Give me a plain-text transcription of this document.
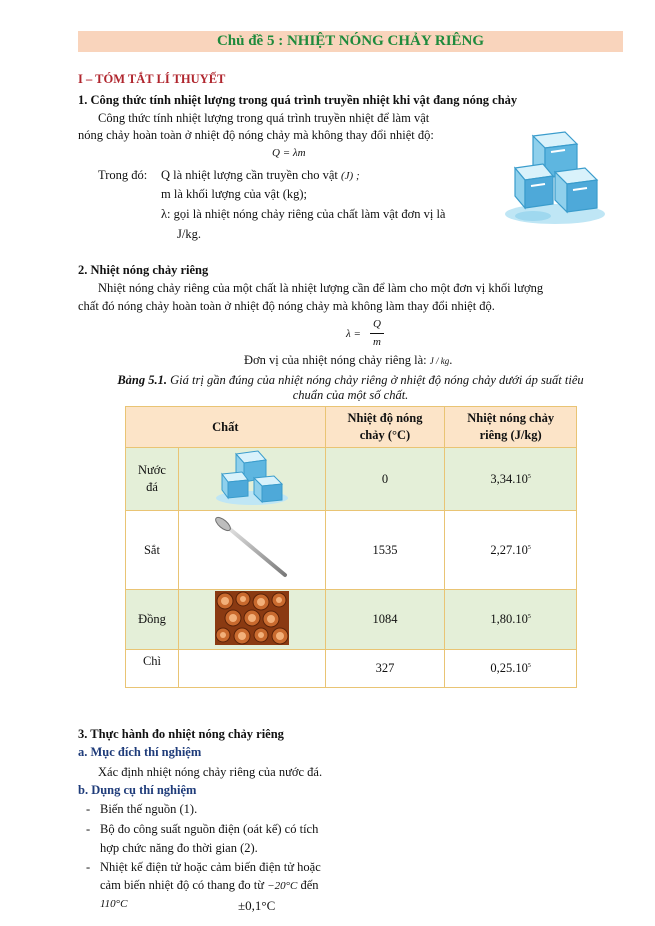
Chủ đề 5 : NHIỆT NÓNG CHẢY RIÊNG
I – TÓM TẮT LÍ THUYẾT
1. Công thức tính nhiệt lượng trong quá trình truyền nhiệt khi vật đang nóng chảy
Công thức tính nhiệt lượng trong quá trình truyền nhiệt để làm vật
nóng chảy hoàn toàn ở nhiệt độ nóng chảy mà không thay đổi nhiệt độ:
Q = λm
Trong đó: Q là nhiệt lượng cần truyền cho vật (J) ;
m là khối lượng của vật (kg);
λ: gọi là nhiệt nóng chảy riêng của chất làm vật đơn vị là
J/kg.
2. Nhiệt nóng chảy riêng
Nhiệt nóng chảy riêng của một chất là nhiệt lượng cần để làm cho một đơn vị khối lượng
chất đó nóng chảy hoàn toàn ở nhiệt độ nóng chảy mà không làm thay đổi nhiệt độ.
λ =
Q
m
Đơn vị của nhiệt nóng chảy riêng là: J / kg.
Bảng 5.1. Giá trị gần đúng của nhiệt nóng chảy riêng ở nhiệt độ nóng chảy dưới áp suất tiêu
chuẩn của một số chất.
Chất		Nhiệt độ nóng chảy (°C)	Nhiệt nóng chảy riêng (J/kg)
Nước đá		0	3,34.10$^5$
Sắt		1535	2,27.10$^5$
Đồng		1084	1,80.10$^5$
Chì		327	0,25.10$^5$
3. Thực hành đo nhiệt nóng chảy riêng
a. Mục đích thí nghiệm
Xác định nhiệt nóng chảy riêng của nước đá.
b. Dụng cụ thí nghiệm
- Biến thế nguồn (1).
- Bộ đo công suất nguồn điện (oát kế) có tích
hợp chức năng đo thời gian (2).
- Nhiệt kế điện tử hoặc cảm biến điện tử hoặc
cảm biến nhiệt độ có thang đo từ −20°C đến
110°C	±0,1°C
